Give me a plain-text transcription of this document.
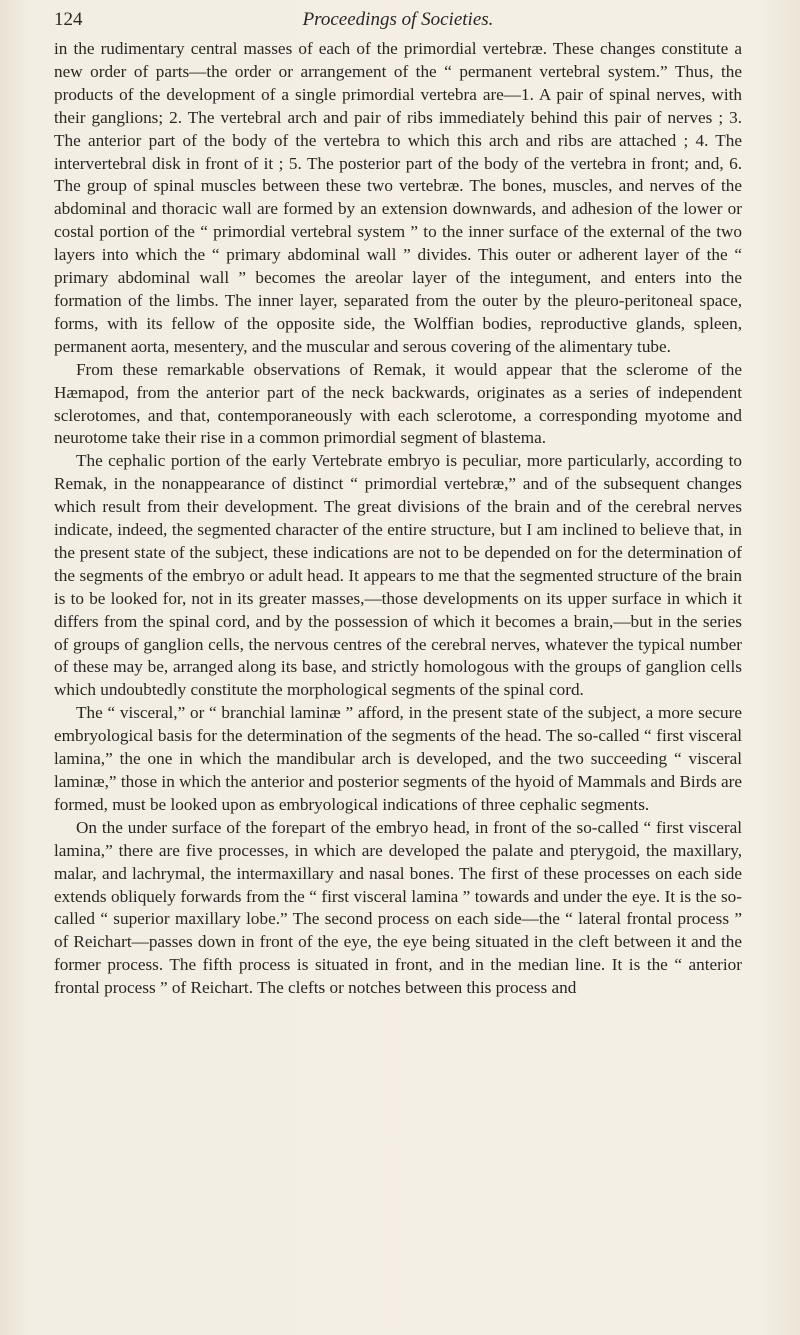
Proceedings of Societies.
124

in the rudimentary central masses of each of the primordial vertebræ. These changes constitute a new order of parts—the order or arrangement of the “ permanent vertebral system.” Thus, the products of the development of a single primordial vertebra are—1. A pair of spinal nerves, with their ganglions; 2. The vertebral arch and pair of ribs immediately behind this pair of nerves ; 3. The anterior part of the body of the vertebra to which this arch and ribs are attached ; 4. The intervertebral disk in front of it ; 5. The posterior part of the body of the vertebra in front; and, 6. The group of spinal muscles between these two vertebræ. The bones, muscles, and nerves of the abdominal and thoracic wall are formed by an extension downwards, and adhesion of the lower or costal portion of the “ primordial vertebral system ” to the inner surface of the external of the two layers into which the “ primary abdominal wall ” divides. This outer or adherent layer of the “ primary abdominal wall ” becomes the areolar layer of the integument, and enters into the formation of the limbs. The inner layer, separated from the outer by the pleuro-peritoneal space, forms, with its fellow of the opposite side, the Wolffian bodies, reproductive glands, spleen, permanent aorta, mesentery, and the muscular and serous covering of the alimentary tube.

From these remarkable observations of Remak, it would appear that the sclerome of the Hæmapod, from the anterior part of the neck backwards, originates as a series of independent sclerotomes, and that, contemporaneously with each sclerotome, a corresponding myotome and neurotome take their rise in a common primordial segment of blastema.

The cephalic portion of the early Vertebrate embryo is peculiar, more particularly, according to Remak, in the nonappearance of distinct “ primordial vertebræ,” and of the subsequent changes which result from their development. The great divisions of the brain and of the cerebral nerves indicate, indeed, the segmented character of the entire structure, but I am inclined to believe that, in the present state of the subject, these indications are not to be depended on for the determination of the segments of the embryo or adult head. It appears to me that the segmented structure of the brain is to be looked for, not in its greater masses,—those developments on its upper surface in which it differs from the spinal cord, and by the possession of which it becomes a brain,—but in the series of groups of ganglion cells, the nervous centres of the cerebral nerves, whatever the typical number of these may be, arranged along its base, and strictly homologous with the groups of ganglion cells which undoubtedly constitute the morphological segments of the spinal cord.

The “ visceral,” or “ branchial laminæ ” afford, in the present state of the subject, a more secure embryological basis for the determination of the segments of the head. The so-called “ first visceral lamina,” the one in which the mandibular arch is developed, and the two succeeding “ visceral laminæ,” those in which the anterior and posterior segments of the hyoid of Mammals and Birds are formed, must be looked upon as embryological indications of three cephalic segments.

On the under surface of the forepart of the embryo head, in front of the so-called “ first visceral lamina,” there are five processes, in which are developed the palate and pterygoid, the maxillary, malar, and lachrymal, the intermaxillary and nasal bones. The first of these processes on each side extends obliquely forwards from the “ first visceral lamina ” towards and under the eye. It is the so-called “ superior maxillary lobe.” The second process on each side—the “ lateral frontal process ” of Reichart—passes down in front of the eye, the eye being situated in the cleft between it and the former process. The fifth process is situated in front, and in the median line. It is the “ anterior frontal process ” of Reichart. The clefts or notches between this process and
